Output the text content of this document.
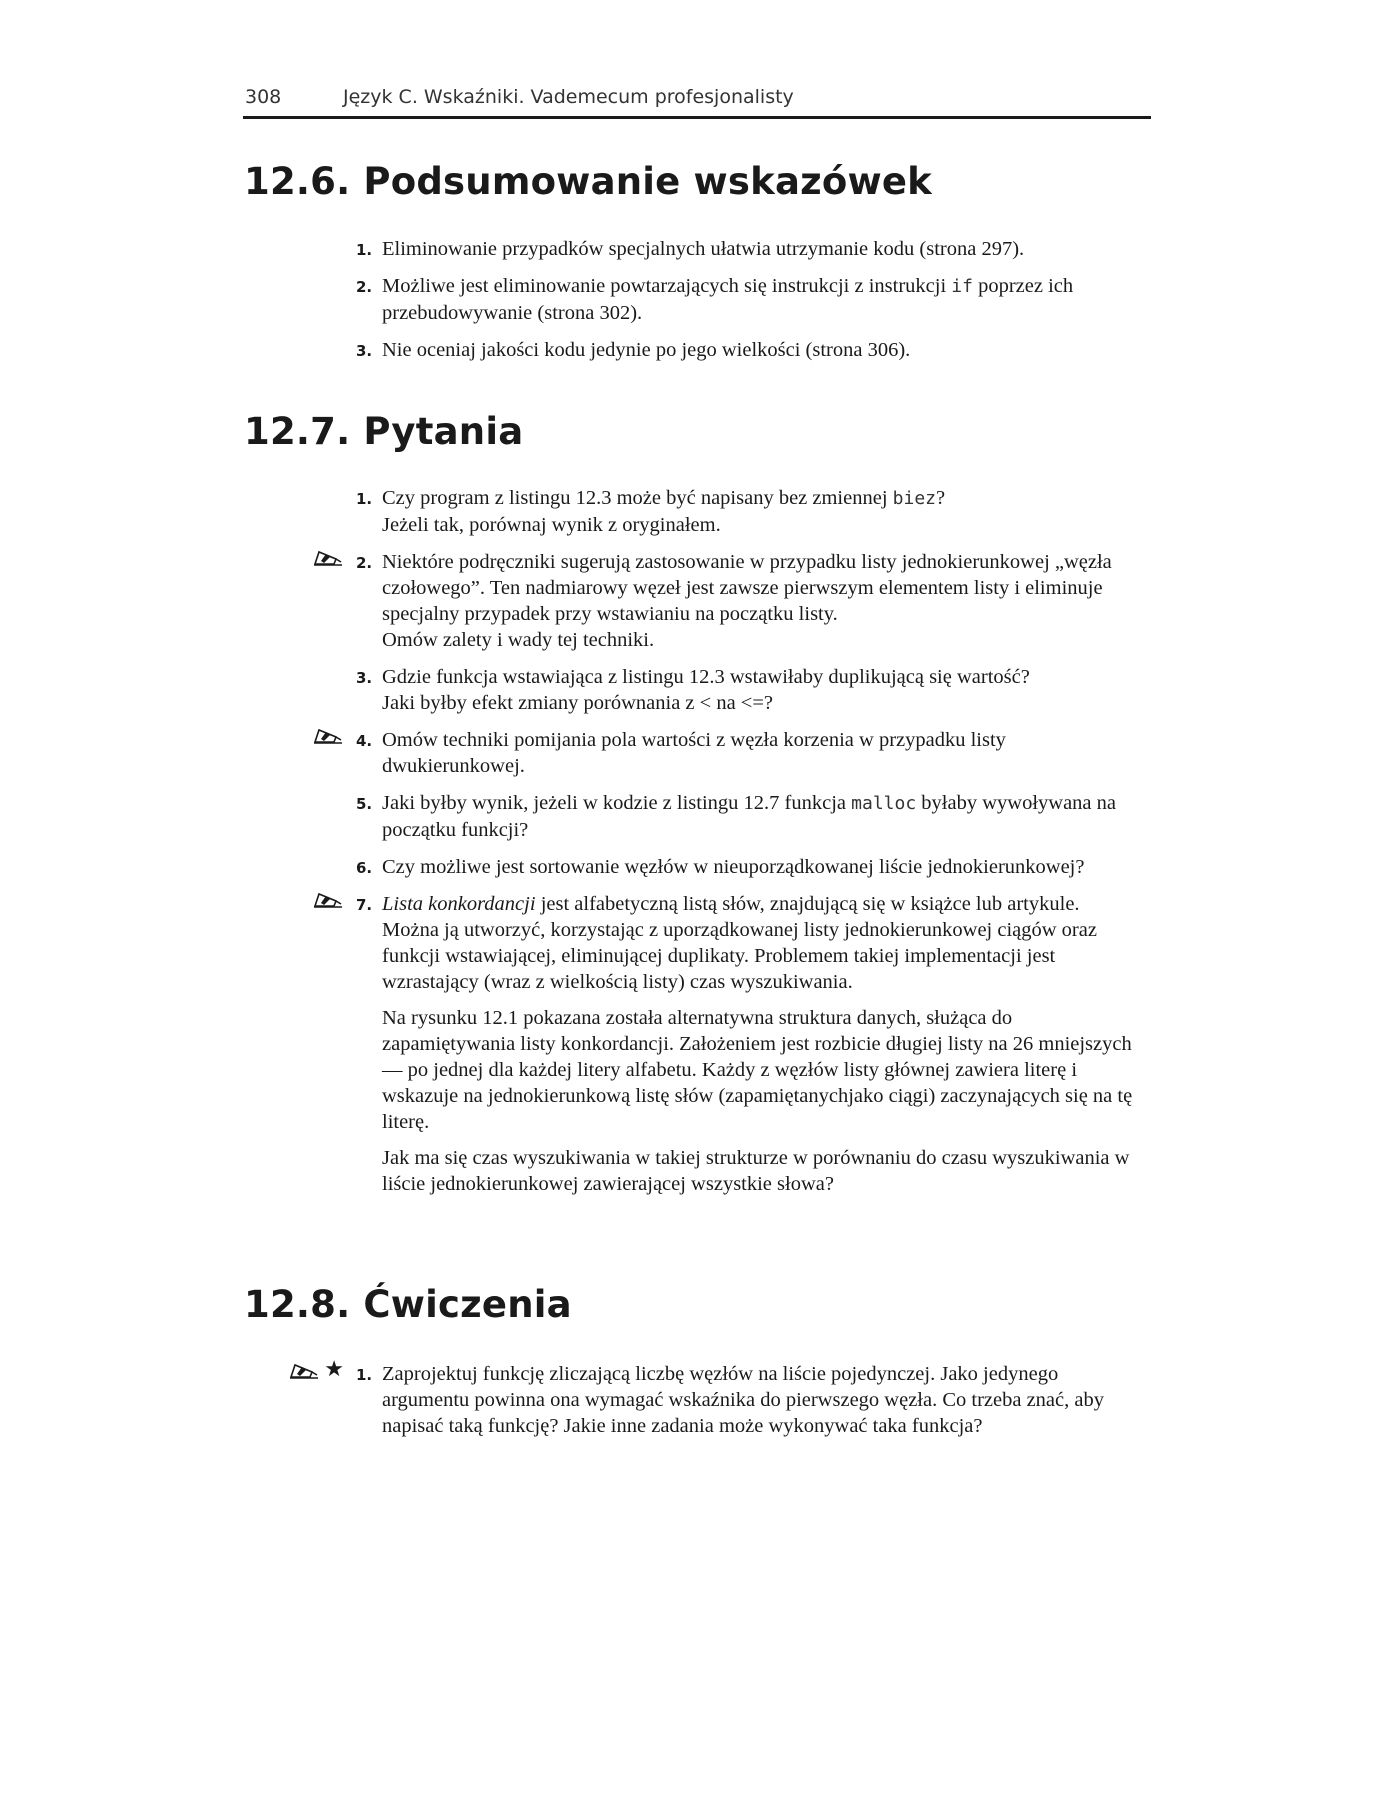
308	Język C. Wskaźniki. Vademecum profesjonalisty
12.6. Podsumowanie wskazówek
1. Eliminowanie przypadków specjalnych ułatwia utrzymanie kodu (strona 297).
2. Możliwe jest eliminowanie powtarzających się instrukcji z instrukcji if poprzez ich przebudowywanie (strona 302).
3. Nie oceniaj jakości kodu jedynie po jego wielkości (strona 306).
12.7. Pytania
1. Czy program z listingu 12.3 może być napisany bez zmiennej biez?
Jeżeli tak, porównaj wynik z oryginałem.
2. Niektóre podręczniki sugerują zastosowanie w przypadku listy jednokierunkowej „węzła czołowego”. Ten nadmiarowy węzeł jest zawsze pierwszym elementem listy i eliminuje specjalny przypadek przy wstawianiu na początku listy.
Omów zalety i wady tej techniki.
3. Gdzie funkcja wstawiająca z listingu 12.3 wstawiłaby duplikującą się wartość?
Jaki byłby efekt zmiany porównania z < na <=?
4. Omów techniki pomijania pola wartości z węzła korzenia w przypadku listy dwukierunkowej.
5. Jaki byłby wynik, jeżeli w kodzie z listingu 12.7 funkcja malloc byłaby wywoływana na początku funkcji?
6. Czy możliwe jest sortowanie węzłów w nieuporządkowanej liście jednokierunkowej?
7. Lista konkordancji jest alfabetyczną listą słów, znajdującą się w książce lub artykule. Można ją utworzyć, korzystając z uporządkowanej listy jednokierunkowej ciągów oraz funkcji wstawiającej, eliminującej duplikaty. Problemem takiej implementacji jest wzrastający (wraz z wielkością listy) czas wyszukiwania.
Na rysunku 12.1 pokazana została alternatywna struktura danych, służąca do zapamiętywania listy konkordancji. Założeniem jest rozbicie długiej listy na 26 mniejszych — po jednej dla każdej litery alfabetu. Każdy z węzłów listy głównej zawiera literę i wskazuje na jednokierunkową listę słów (zapamiętanychjako ciągi) zaczynających się na tę literę.
Jak ma się czas wyszukiwania w takiej strukturze w porównaniu do czasu wyszukiwania w liście jednokierunkowej zawierającej wszystkie słowa?
12.8. Ćwiczenia
★ 1. Zaprojektuj funkcję zliczającą liczbę węzłów na liście pojedynczej. Jako jedynego argumentu powinna ona wymagać wskaźnika do pierwszego węzła. Co trzeba znać, aby napisać taką funkcję? Jakie inne zadania może wykonywać taka funkcja?
